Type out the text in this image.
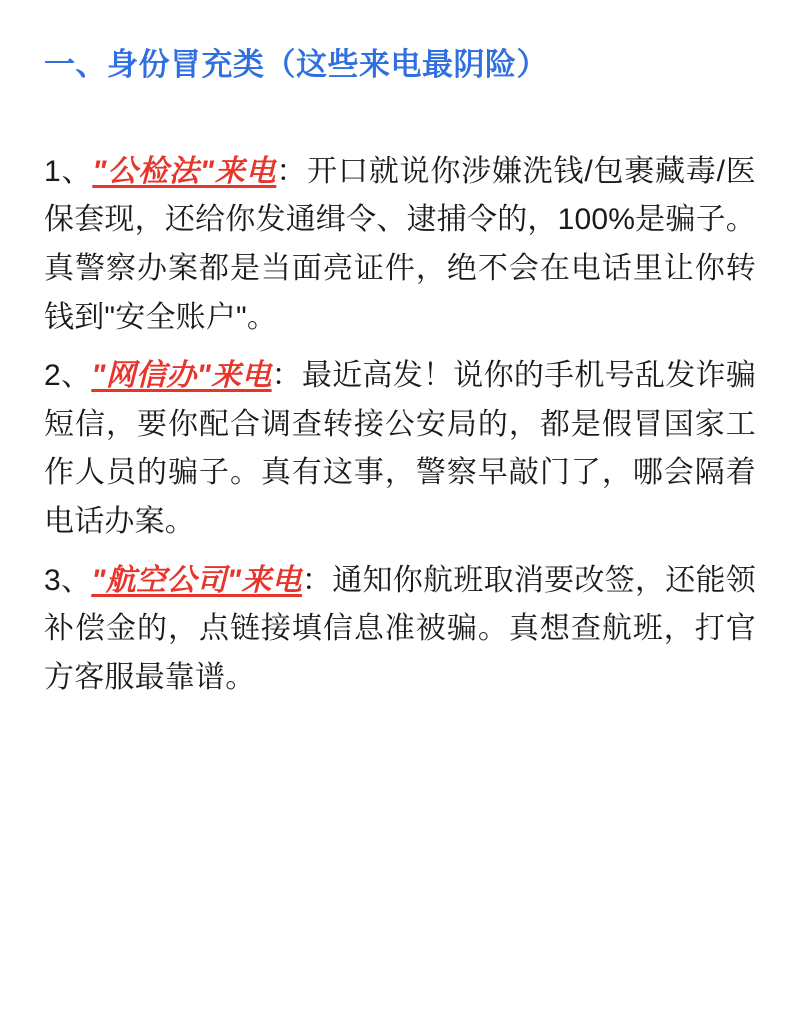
一、身份冒充类（这些来电最阴险）

1、"公检法"来电：开口就说你涉嫌洗钱/包裹藏毒/医保套现，还给你发通缉令、逮捕令的，100%是骗子。真警察办案都是当面亮证件，绝不会在电话里让你转钱到"安全账户"。

2、"网信办"来电：最近高发！说你的手机号乱发诈骗短信，要你配合调查转接公安局的，都是假冒国家工作人员的骗子。真有这事，警察早敲门了，哪会隔着电话办案。

3、"航空公司"来电：通知你航班取消要改签，还能领补偿金的，点链接填信息准被骗。真想查航班，打官方客服最靠谱。
